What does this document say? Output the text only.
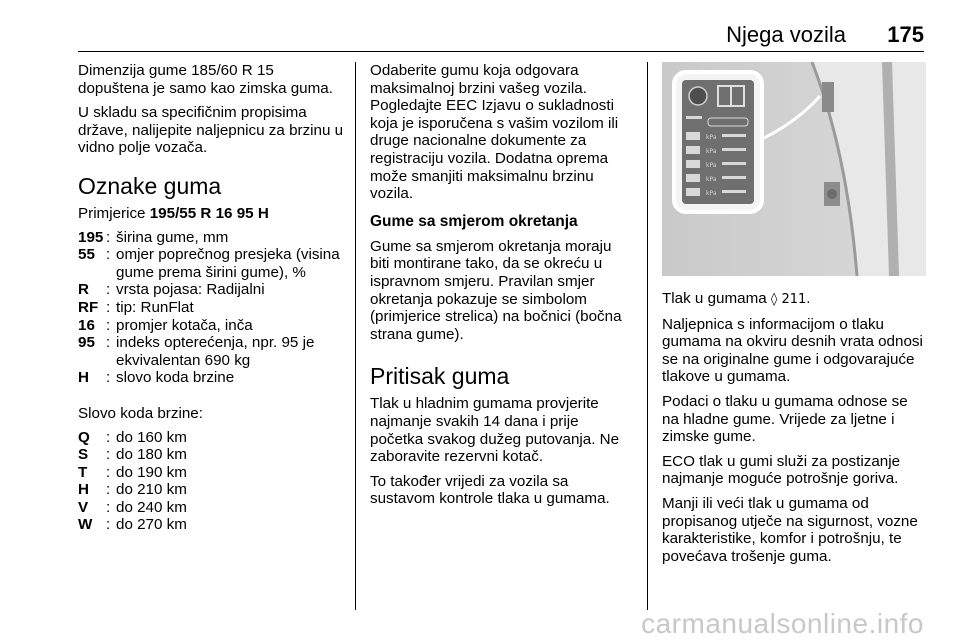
Njega vozila 175

Dimenzija gume 185/60 R 15 dopuštena je samo kao zimska guma.

U skladu sa specifičnim propisima države, nalijepite naljepnicu za brzinu u vidno polje vozača.

Oznake guma
Primjerice 195/55 R 16 95 H
195 : širina gume, mm
55 : omjer poprečnog presjeka (visina gume prema širini gume), %
R	: vrsta pojasa: Radijalni
RF : tip: RunFlat
16 : promjer kotača, inča
95 : indeks opterećenja, npr. 95 je ekvivalentan 690 kg
H	: slovo koda brzine

Slovo koda brzine:

Q	: do 160 km
S	: do 180 km
T	: do 190 km
H	: do 210 km
V	: do 240 km
W : do 270 km

Odaberite gumu koja odgovara maksimalnoj brzini vašeg vozila. Pogledajte EEC Izjavu o sukladnosti koja je isporučena s vašim vozilom ili druge nacionalne dokumente za registraciju vozila. Dodatna oprema može smanjiti maksimalnu brzinu vozila.

Gume sa smjerom okretanja

Gume sa smjerom okretanja moraju biti montirane tako, da se okreću u ispravnom smjeru. Pravilan smjer okretanja pokazuje se simbolom (primjerice strelica) na bočnici (bočna strana gume).

Pritisak guma

Tlak u hladnim gumama provjerite najmanje svakih 14 dana i prije početka svakog dužeg putovanja. Ne zaboravite rezervni kotač.

To također vrijedi za vozila sa sustavom kontrole tlaka u gumama.

kPa
kPa
kPa
kPa
kPa

Tlak u gumama ◊ 211.

Naljepnica s informacijom o tlaku gumama na okviru desnih vrata odnosi se na originalne gume i odgovarajuće tlakove u gumama.

Podaci o tlaku u gumama odnose se na hladne gume. Vrijede za ljetne i zimske gume.

ECO tlak u gumi služi za postizanje najmanje moguće potrošnje goriva.

Manji ili veći tlak u gumama od propisanog utječe na sigurnost, vozne karakteristike, komfor i potrošnju, te povećava trošenje guma.

carmanualsonline.info
